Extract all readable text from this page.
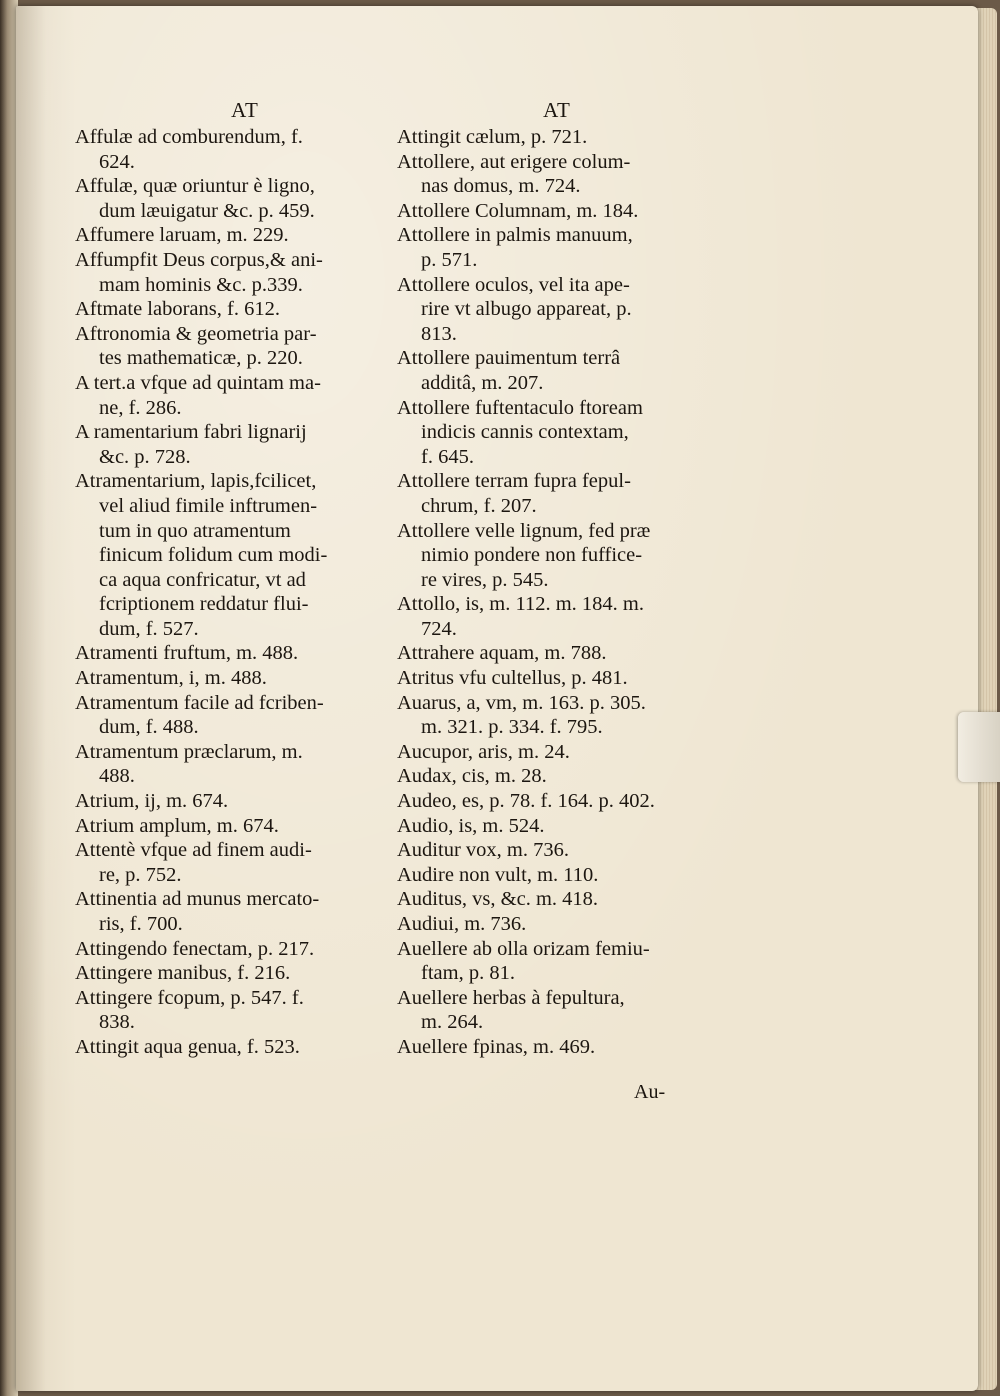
AT
Affulæ ad comburendum, f.
624.
Affulæ, quæ oriuntur è ligno,
dum læuigatur &c. p. 459.
Affumere laruam, m. 229.
Affumpfit Deus corpus,& ani-
mam hominis &c. p.339.
Aftmate laborans, f. 612.
Aftronomia & geometria par-
tes mathematicæ, p. 220.
A tert.a vfque ad quintam ma-
ne, f. 286.
A ramentarium fabri lignarij
&c. p. 728.
Atramentarium, lapis,fcilicet,
vel aliud fimile inftrumen-
tum in quo atramentum
finicum folidum cum modi-
ca aqua confricatur, vt ad
fcriptionem reddatur flui-
dum, f. 527.
Atramenti fruftum, m. 488.
Atramentum, i, m. 488.
Atramentum facile ad fcriben-
dum, f. 488.
Atramentum præclarum, m.
488.
Atrium, ij, m. 674.
Atrium amplum, m. 674.
Attentè vfque ad finem audi-
re, p. 752.
Attinentia ad munus mercato-
ris, f. 700.
Attingendo fenectam, p. 217.
Attingere manibus, f. 216.
Attingere fcopum, p. 547. f.
838.
Attingit aqua genua, f. 523.
AT
Attingit cælum, p. 721.
Attollere, aut erigere colum-
nas domus, m. 724.
Attollere Columnam, m. 184.
Attollere in palmis manuum,
p. 571.
Attollere oculos, vel ita ape-
rire vt albugo appareat, p.
813.
Attollere pauimentum terrâ
additâ, m. 207.
Attollere fuftentaculo ftoream
indicis cannis contextam,
f. 645.
Attollere terram fupra fepul-
chrum, f. 207.
Attollere velle lignum, fed præ
nimio pondere non fuffice-
re vires, p. 545.
Attollo, is, m. 112. m. 184. m.
724.
Attrahere aquam, m. 788.
Atritus vfu cultellus, p. 481.
Auarus, a, vm, m. 163. p. 305.
m. 321. p. 334. f. 795.
Aucupor, aris, m. 24.
Audax, cis, m. 28.
Audeo, es, p. 78. f. 164. p. 402.
Audio, is, m. 524.
Auditur vox, m. 736.
Audire non vult, m. 110.
Auditus, vs, &c. m. 418.
Audiui, m. 736.
Auellere ab olla orizam femiu-
ftam, p. 81.
Auellere herbas à fepultura,
m. 264.
Auellere fpinas, m. 469.
Au-
